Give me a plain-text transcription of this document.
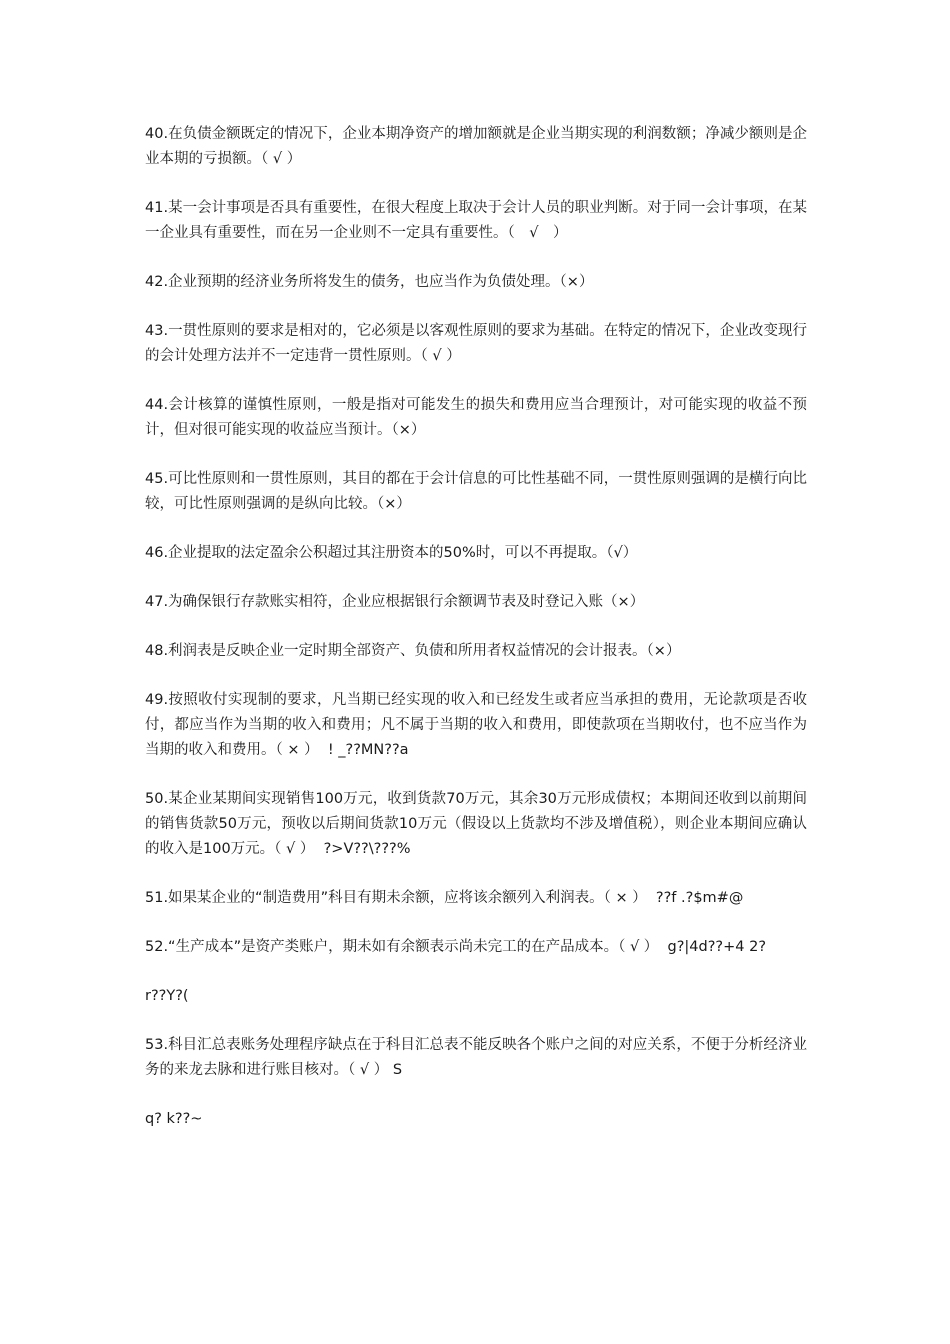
40.在负债金额既定的情况下，企业本期净资产的增加额就是企业当期实现的利润数额；净减少额则是企业本期的亏损额。（ √ ）

41.某一会计事项是否具有重要性，在很大程度上取决于会计人员的职业判断。对于同一会计事项，在某一企业具有重要性，而在另一企业则不一定具有重要性。（　√　）

42.企业预期的经济业务所将发生的债务，也应当作为负债处理。（×）

43.一贯性原则的要求是相对的，它必须是以客观性原则的要求为基础。在特定的情况下，企业改变现行的会计处理方法并不一定违背一贯性原则。（ √ ）

44.会计核算的谨慎性原则，一般是指对可能发生的损失和费用应当合理预计，对可能实现的收益不预计，但对很可能实现的收益应当预计。（×）

45.可比性原则和一贯性原则，其目的都在于会计信息的可比性基础不同，一贯性原则强调的是横行向比较，可比性原则强调的是纵向比较。（×）

46.企业提取的法定盈余公积超过其注册资本的50%时，可以不再提取。（√）

47.为确保银行存款账实相符，企业应根据银行余额调节表及时登记入账（×）

48.利润表是反映企业一定时期全部资产、负债和所用者权益情况的会计报表。（×）

49.按照收付实现制的要求，凡当期已经实现的收入和已经发生或者应当承担的费用，无论款项是否收付，都应当作为当期的收入和费用；凡不属于当期的收入和费用，即使款项在当期收付，也不应当作为当期的收入和费用。（ × ）  ! _??MN??a

50.某企业某期间实现销售100万元，收到货款70万元，其余30万元形成债权；本期间还收到以前期间的销售货款50万元，预收以后期间货款10万元（假设以上货款均不涉及增值税），则企业本期间应确认的收入是100万元。（ √ ）  ?>V??\???%

51.如果某企业的“制造费用”科目有期未余额，应将该余额列入利润表。（ × ）  ??f .?$m#@

52.“生产成本”是资产类账户，期未如有余额表示尚未完工的在产品成本。（ √ ）  g?|4d??+4 2?

r??Y?(

53.科目汇总表账务处理程序缺点在于科目汇总表不能反映各个账户之间的对应关系，不便于分析经济业务的来龙去脉和进行账目核对。（ √ ） S

q? k??~
